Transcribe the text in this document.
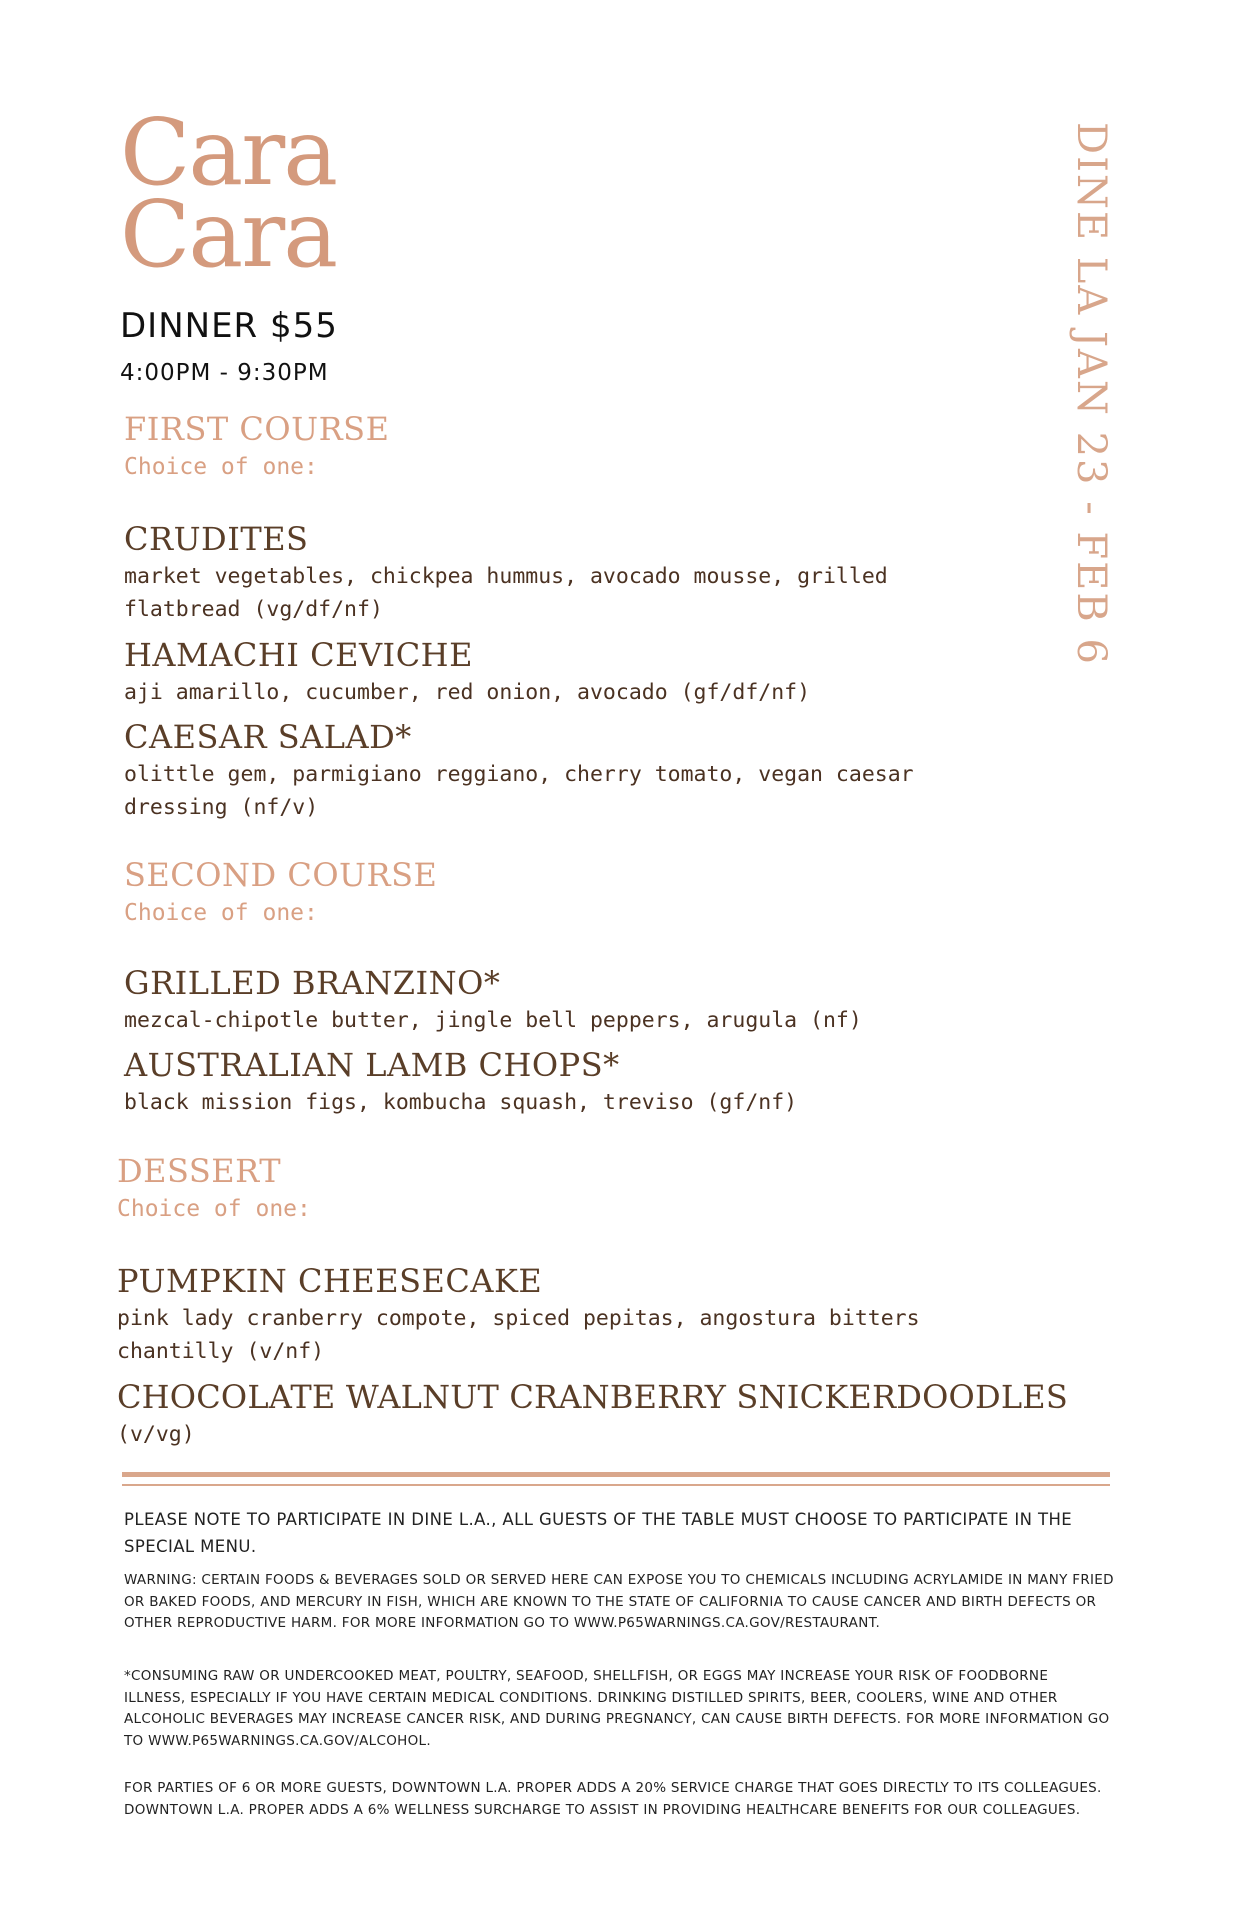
Cara
Cara	DINE LA JAN 23 - FEB 6
DINNER $55
4:00PM - 9:30PM
FIRST COURSE
Choice of one:
CRUDITES
market vegetables, chickpea hummus, avocado mousse, grilled
flatbread (vg/df/nf)
HAMACHI CEVICHE
aji amarillo, cucumber, red onion, avocado (gf/df/nf)
CAESAR SALAD*
olittle gem, parmigiano reggiano, cherry tomato, vegan caesar
dressing (nf/v)
SECOND COURSE
Choice of one:
GRILLED BRANZINO*
mezcal-chipotle butter, jingle bell peppers, arugula (nf)
AUSTRALIAN LAMB CHOPS*
black mission figs, kombucha squash, treviso (gf/nf)
DESSERT
Choice of one:
PUMPKIN CHEESECAKE
pink lady cranberry compote, spiced pepitas, angostura bitters
chantilly (v/nf)
CHOCOLATE WALNUT CRANBERRY SNICKERDOODLES
(v/vg)
PLEASE NOTE TO PARTICIPATE IN DINE L.A., ALL GUESTS OF THE TABLE MUST CHOOSE TO PARTICIPATE IN THE SPECIAL MENU.
WARNING: CERTAIN FOODS & BEVERAGES SOLD OR SERVED HERE CAN EXPOSE YOU TO CHEMICALS INCLUDING ACRYLAMIDE IN MANY FRIED OR BAKED FOODS, AND MERCURY IN FISH, WHICH ARE KNOWN TO THE STATE OF CALIFORNIA TO CAUSE CANCER AND BIRTH DEFECTS OR OTHER REPRODUCTIVE HARM. FOR MORE INFORMATION GO TO WWW.P65WARNINGS.CA.GOV/RESTAURANT.
*CONSUMING RAW OR UNDERCOOKED MEAT, POULTRY, SEAFOOD, SHELLFISH, OR EGGS MAY INCREASE YOUR RISK OF FOODBORNE ILLNESS, ESPECIALLY IF YOU HAVE CERTAIN MEDICAL CONDITIONS. DRINKING DISTILLED SPIRITS, BEER, COOLERS, WINE AND OTHER ALCOHOLIC BEVERAGES MAY INCREASE CANCER RISK, AND DURING PREGNANCY, CAN CAUSE BIRTH DEFECTS. FOR MORE INFORMATION GO TO WWW.P65WARNINGS.CA.GOV/ALCOHOL.
FOR PARTIES OF 6 OR MORE GUESTS, DOWNTOWN L.A. PROPER ADDS A 20% SERVICE CHARGE THAT GOES DIRECTLY TO ITS COLLEAGUES. DOWNTOWN L.A. PROPER ADDS A 6% WELLNESS SURCHARGE TO ASSIST IN PROVIDING HEALTHCARE BENEFITS FOR OUR COLLEAGUES.
